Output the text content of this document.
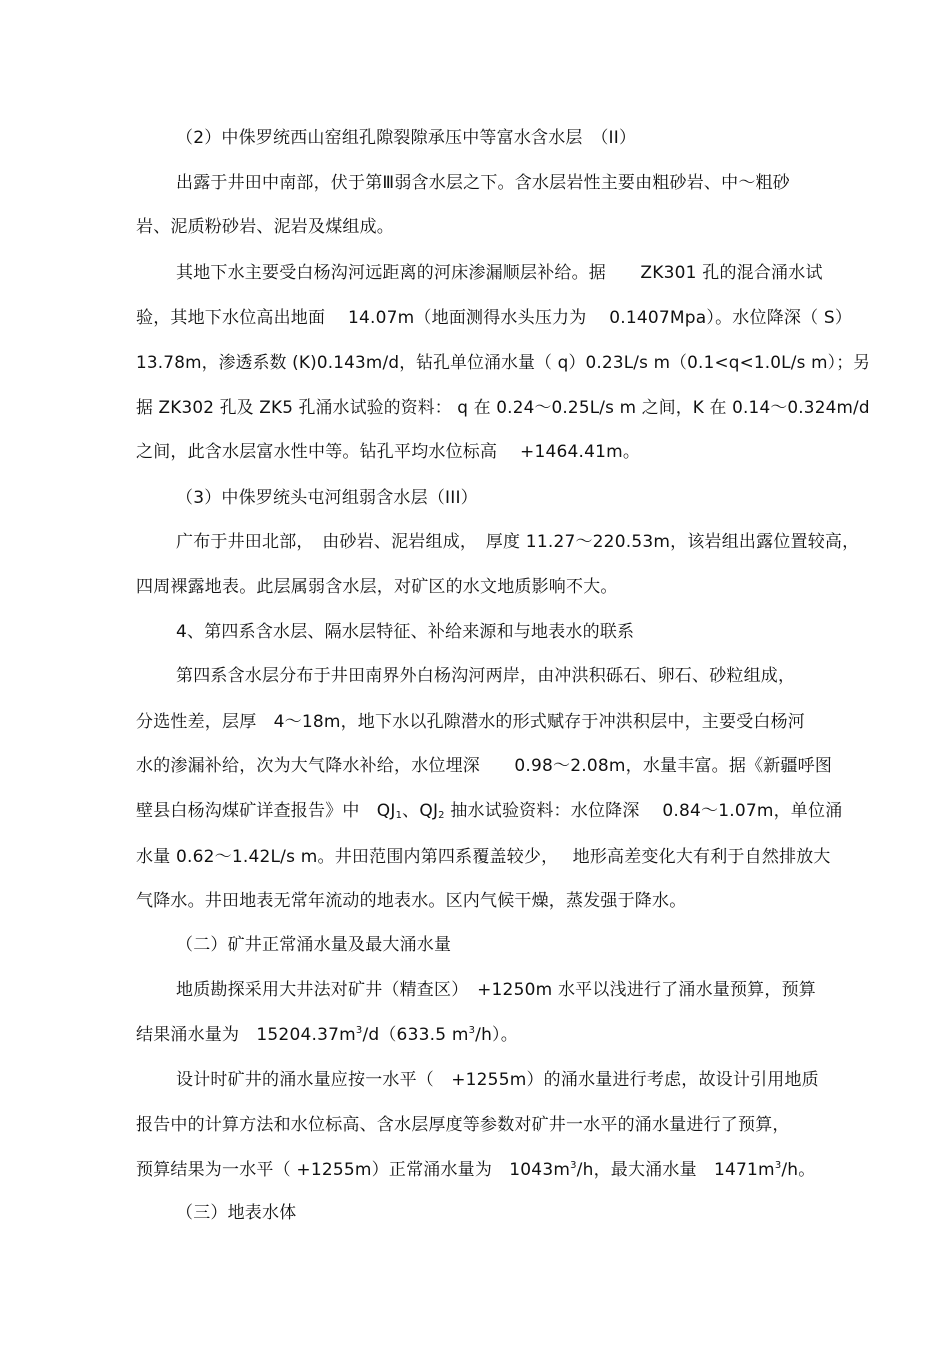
（2）中侏罗统西山窑组孔隙裂隙承压中等富水含水层　（II）
出露于井田中南部，伏于第Ⅲ弱含水层之下。含水层岩性主要由粗砂岩、中～粗砂
岩、泥质粉砂岩、泥岩及煤组成。
其地下水主要受白杨沟河远距离的河床渗漏顺层补给。据　　ZK301 孔的混合涌水试
验，其地下水位高出地面　 14.07m（地面测得水头压力为　 0.1407Mpa）。水位降深（ S）
13.78m，渗透系数 (K)0.143m/d，钻孔单位涌水量（ q）0.23L/s m（0.1<q<1.0L/s m）；另
据 ZK302 孔及 ZK5 孔涌水试验的资料： q 在 0.24～0.25L/s m 之间，K 在 0.14～0.324m/d
之间，此含水层富水性中等。钻孔平均水位标高　 +1464.41m。
（3）中侏罗统头屯河组弱含水层（III）
广布于井田北部，　由砂岩、泥岩组成，　厚度 11.27～220.53m，该岩组出露位置较高，
四周裸露地表。此层属弱含水层，对矿区的水文地质影响不大。
4、第四系含水层、隔水层特征、补给来源和与地表水的联系
第四系含水层分布于井田南界外白杨沟河两岸，由冲洪积砾石、卵石、砂粒组成，
分选性差，层厚　4～18m，地下水以孔隙潜水的形式赋存于冲洪积层中，主要受白杨河
水的渗漏补给，次为大气降水补给，水位埋深　　0.98～2.08m，水量丰富。据《新疆呼图
壁县白杨沟煤矿详查报告》中　$QJ_1$、$QJ_2$ 抽水试验资料：水位降深　 0.84～1.07m，单位涌
水量 0.62～1.42L/s m。井田范围内第四系覆盖较少，　 地形高差变化大有利于自然排放大
气降水。井田地表无常年流动的地表水。区内气候干燥，蒸发强于降水。
（二）矿井正常涌水量及最大涌水量
地质勘探采用大井法对矿井（精查区）　+1250m 水平以浅进行了涌水量预算，预算
结果涌水量为　$15204.37m^3/d(633.5$ $m^3/h$）。
设计时矿井的涌水量应按一水平（　+1255m）的涌水量进行考虑，故设计引用地质
报告中的计算方法和水位标高、含水层厚度等参数对矿井一水平的涌水量进行了预算，
预算结果为一水平（ +1255m）正常涌水量为　$1043m^3/h$，最大涌水量　$1471m^3/h$。
（三）地表水体
